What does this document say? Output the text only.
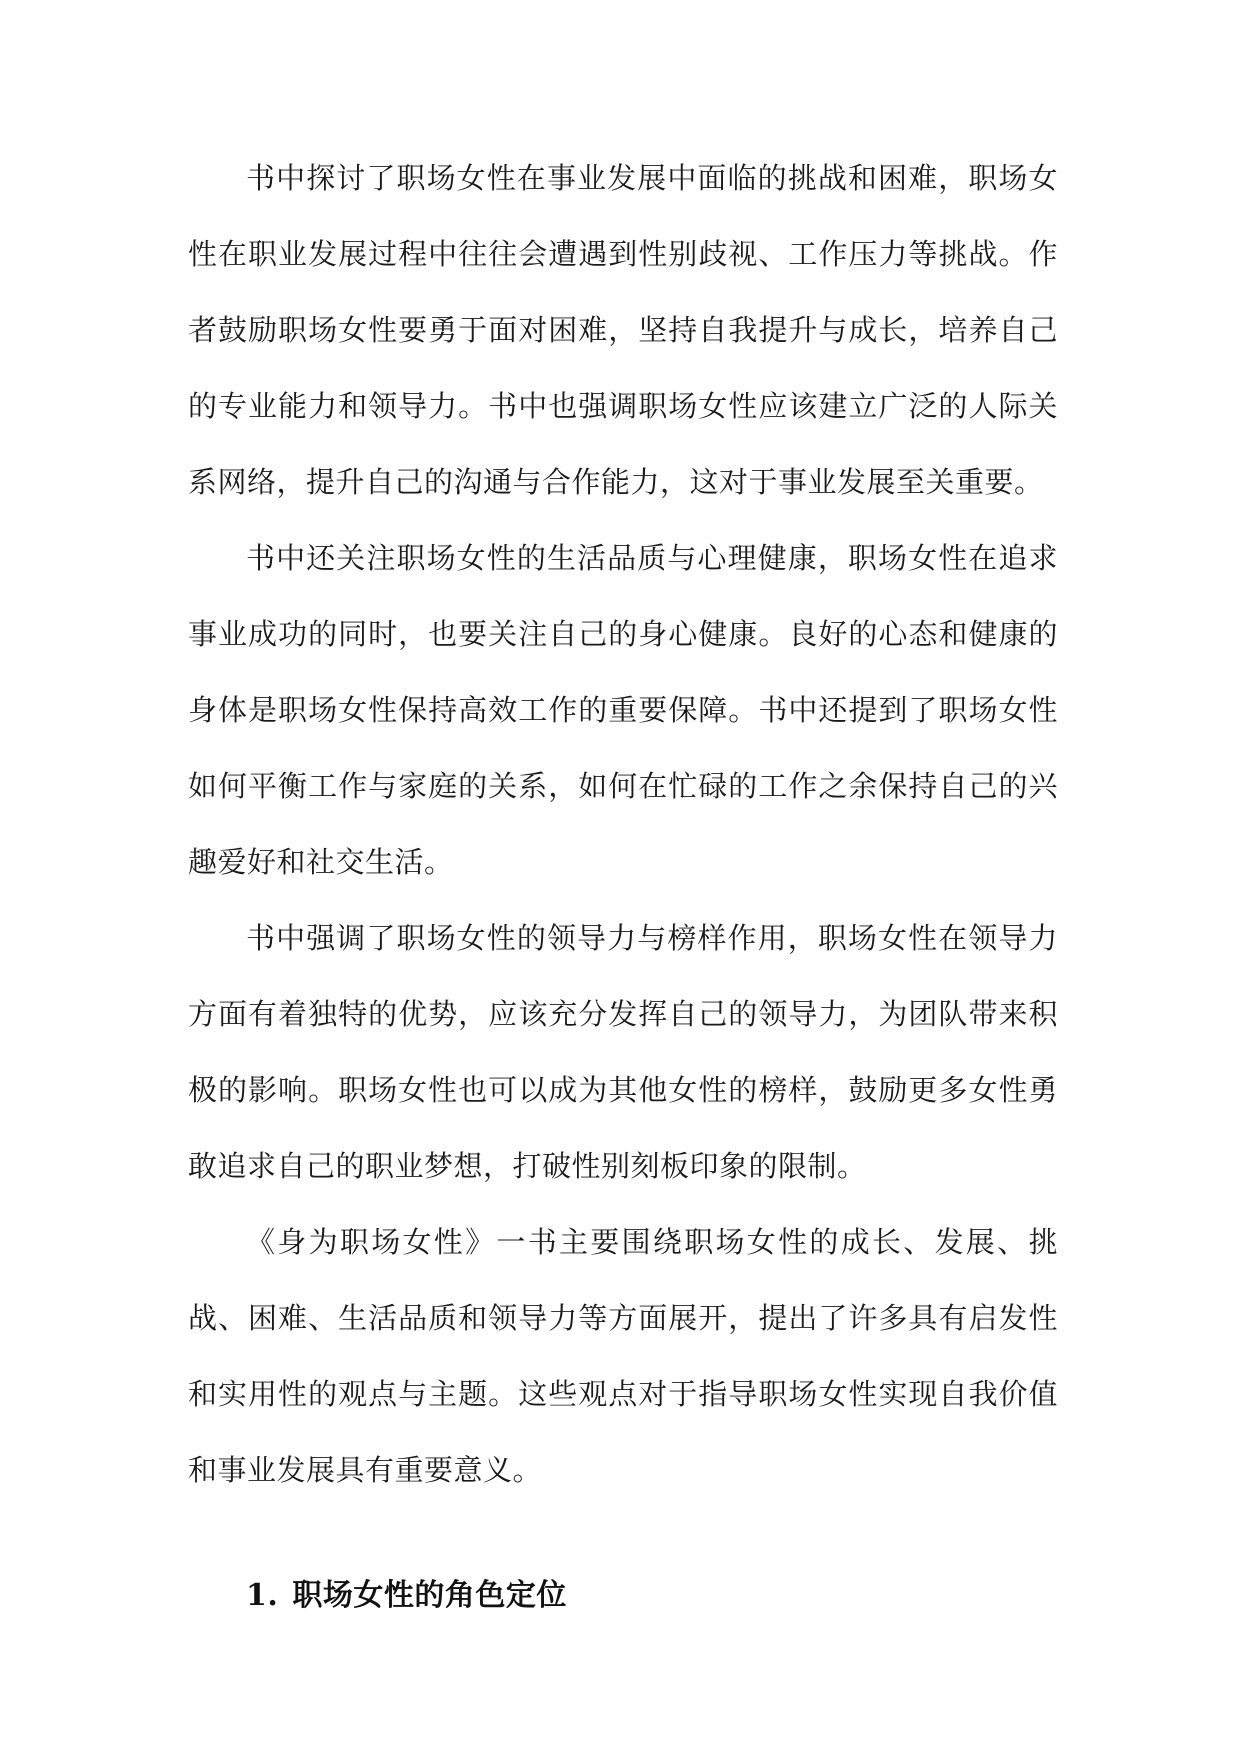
书中探讨了职场女性在事业发展中面临的挑战和困难，职场女性在职业发展过程中往往会遭遇到性别歧视、工作压力等挑战。作者鼓励职场女性要勇于面对困难，坚持自我提升与成长，培养自己的专业能力和领导力。书中也强调职场女性应该建立广泛的人际关系网络，提升自己的沟通与合作能力，这对于事业发展至关重要。

书中还关注职场女性的生活品质与心理健康，职场女性在追求事业成功的同时，也要关注自己的身心健康。良好的心态和健康的身体是职场女性保持高效工作的重要保障。书中还提到了职场女性如何平衡工作与家庭的关系，如何在忙碌的工作之余保持自己的兴趣爱好和社交生活。

书中强调了职场女性的领导力与榜样作用，职场女性在领导力方面有着独特的优势，应该充分发挥自己的领导力，为团队带来积极的影响。职场女性也可以成为其他女性的榜样，鼓励更多女性勇敢追求自己的职业梦想，打破性别刻板印象的限制。

《身为职场女性》一书主要围绕职场女性的成长、发展、挑战、困难、生活品质和领导力等方面展开，提出了许多具有启发性和实用性的观点与主题。这些观点对于指导职场女性实现自我价值和事业发展具有重要意义。

1. 职场女性的角色定位
